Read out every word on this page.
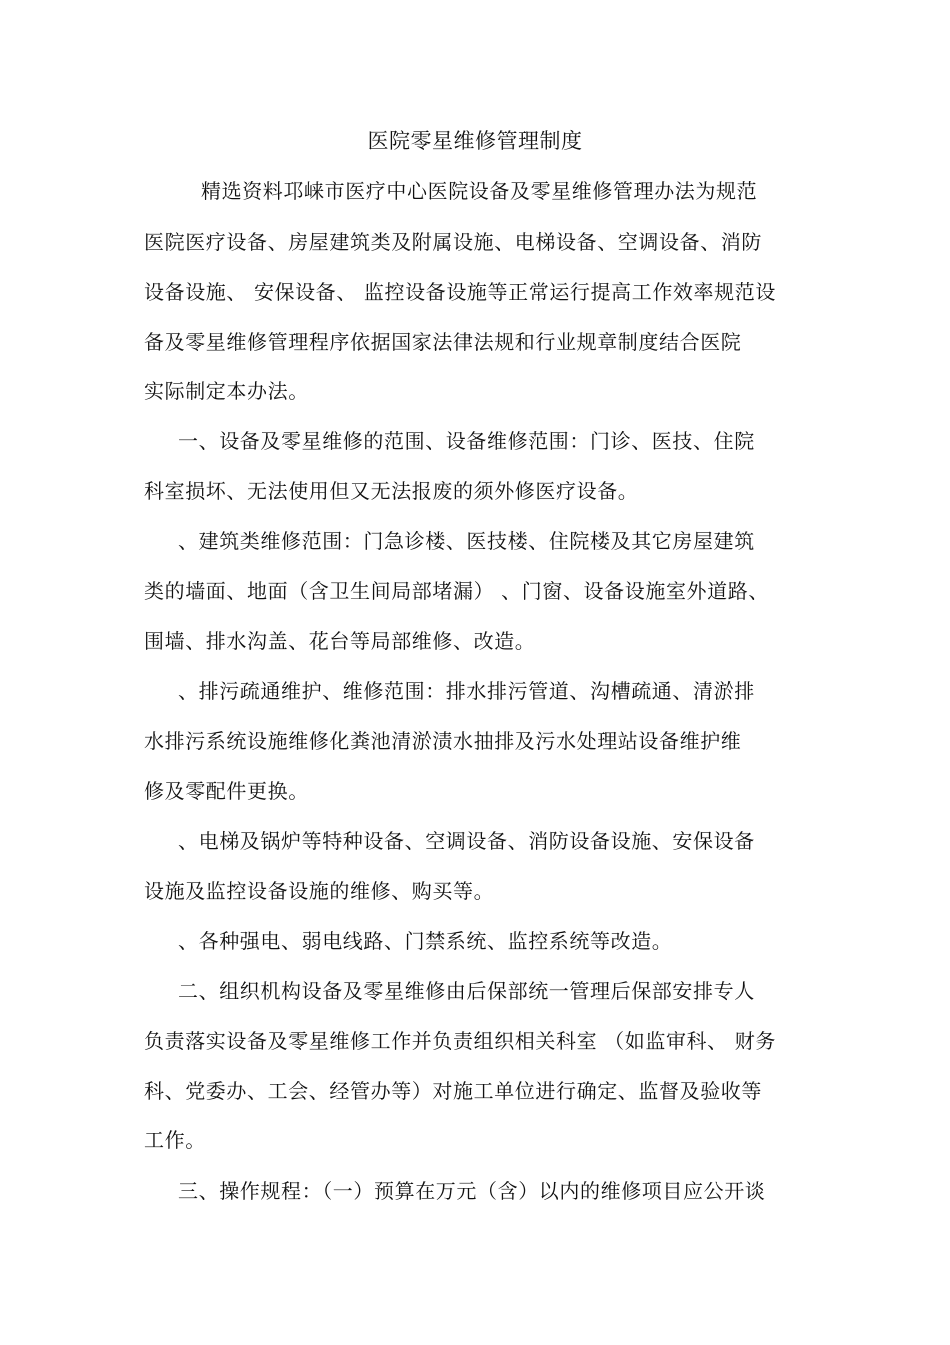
医院零星维修管理制度
精选资料邛崃市医疗中心医院设备及零星维修管理办法为规范
医院医疗设备、房屋建筑类及附属设施、电梯设备、空调设备、消防
设备设施、 安保设备、 监控设备设施等正常运行提高工作效率规范设
备及零星维修管理程序依据国家法律法规和行业规章制度结合医院
实际制定本办法。
一、设备及零星维修的范围、设备维修范围：门诊、医技、住院
科室损坏、无法使用但又无法报废的须外修医疗设备。
、建筑类维修范围：门急诊楼、医技楼、住院楼及其它房屋建筑
类的墙面、地面（含卫生间局部堵漏） 、门窗、设备设施室外道路、
围墙、排水沟盖、花台等局部维修、改造。
、排污疏通维护、维修范围：排水排污管道、沟槽疏通、清淤排
水排污系统设施维修化粪池清淤渍水抽排及污水处理站设备维护维
修及零配件更换。
、电梯及锅炉等特种设备、空调设备、消防设备设施、安保设备
设施及监控设备设施的维修、购买等。
、各种强电、弱电线路、门禁系统、监控系统等改造。
二、组织机构设备及零星维修由后保部统一管理后保部安排专人
负责落实设备及零星维修工作并负责组织相关科室 （如监审科、 财务
科、党委办、工会、经管办等）对施工单位进行确定、监督及验收等
工作。
三、操作规程：（一）预算在万元（含）以内的维修项目应公开谈
